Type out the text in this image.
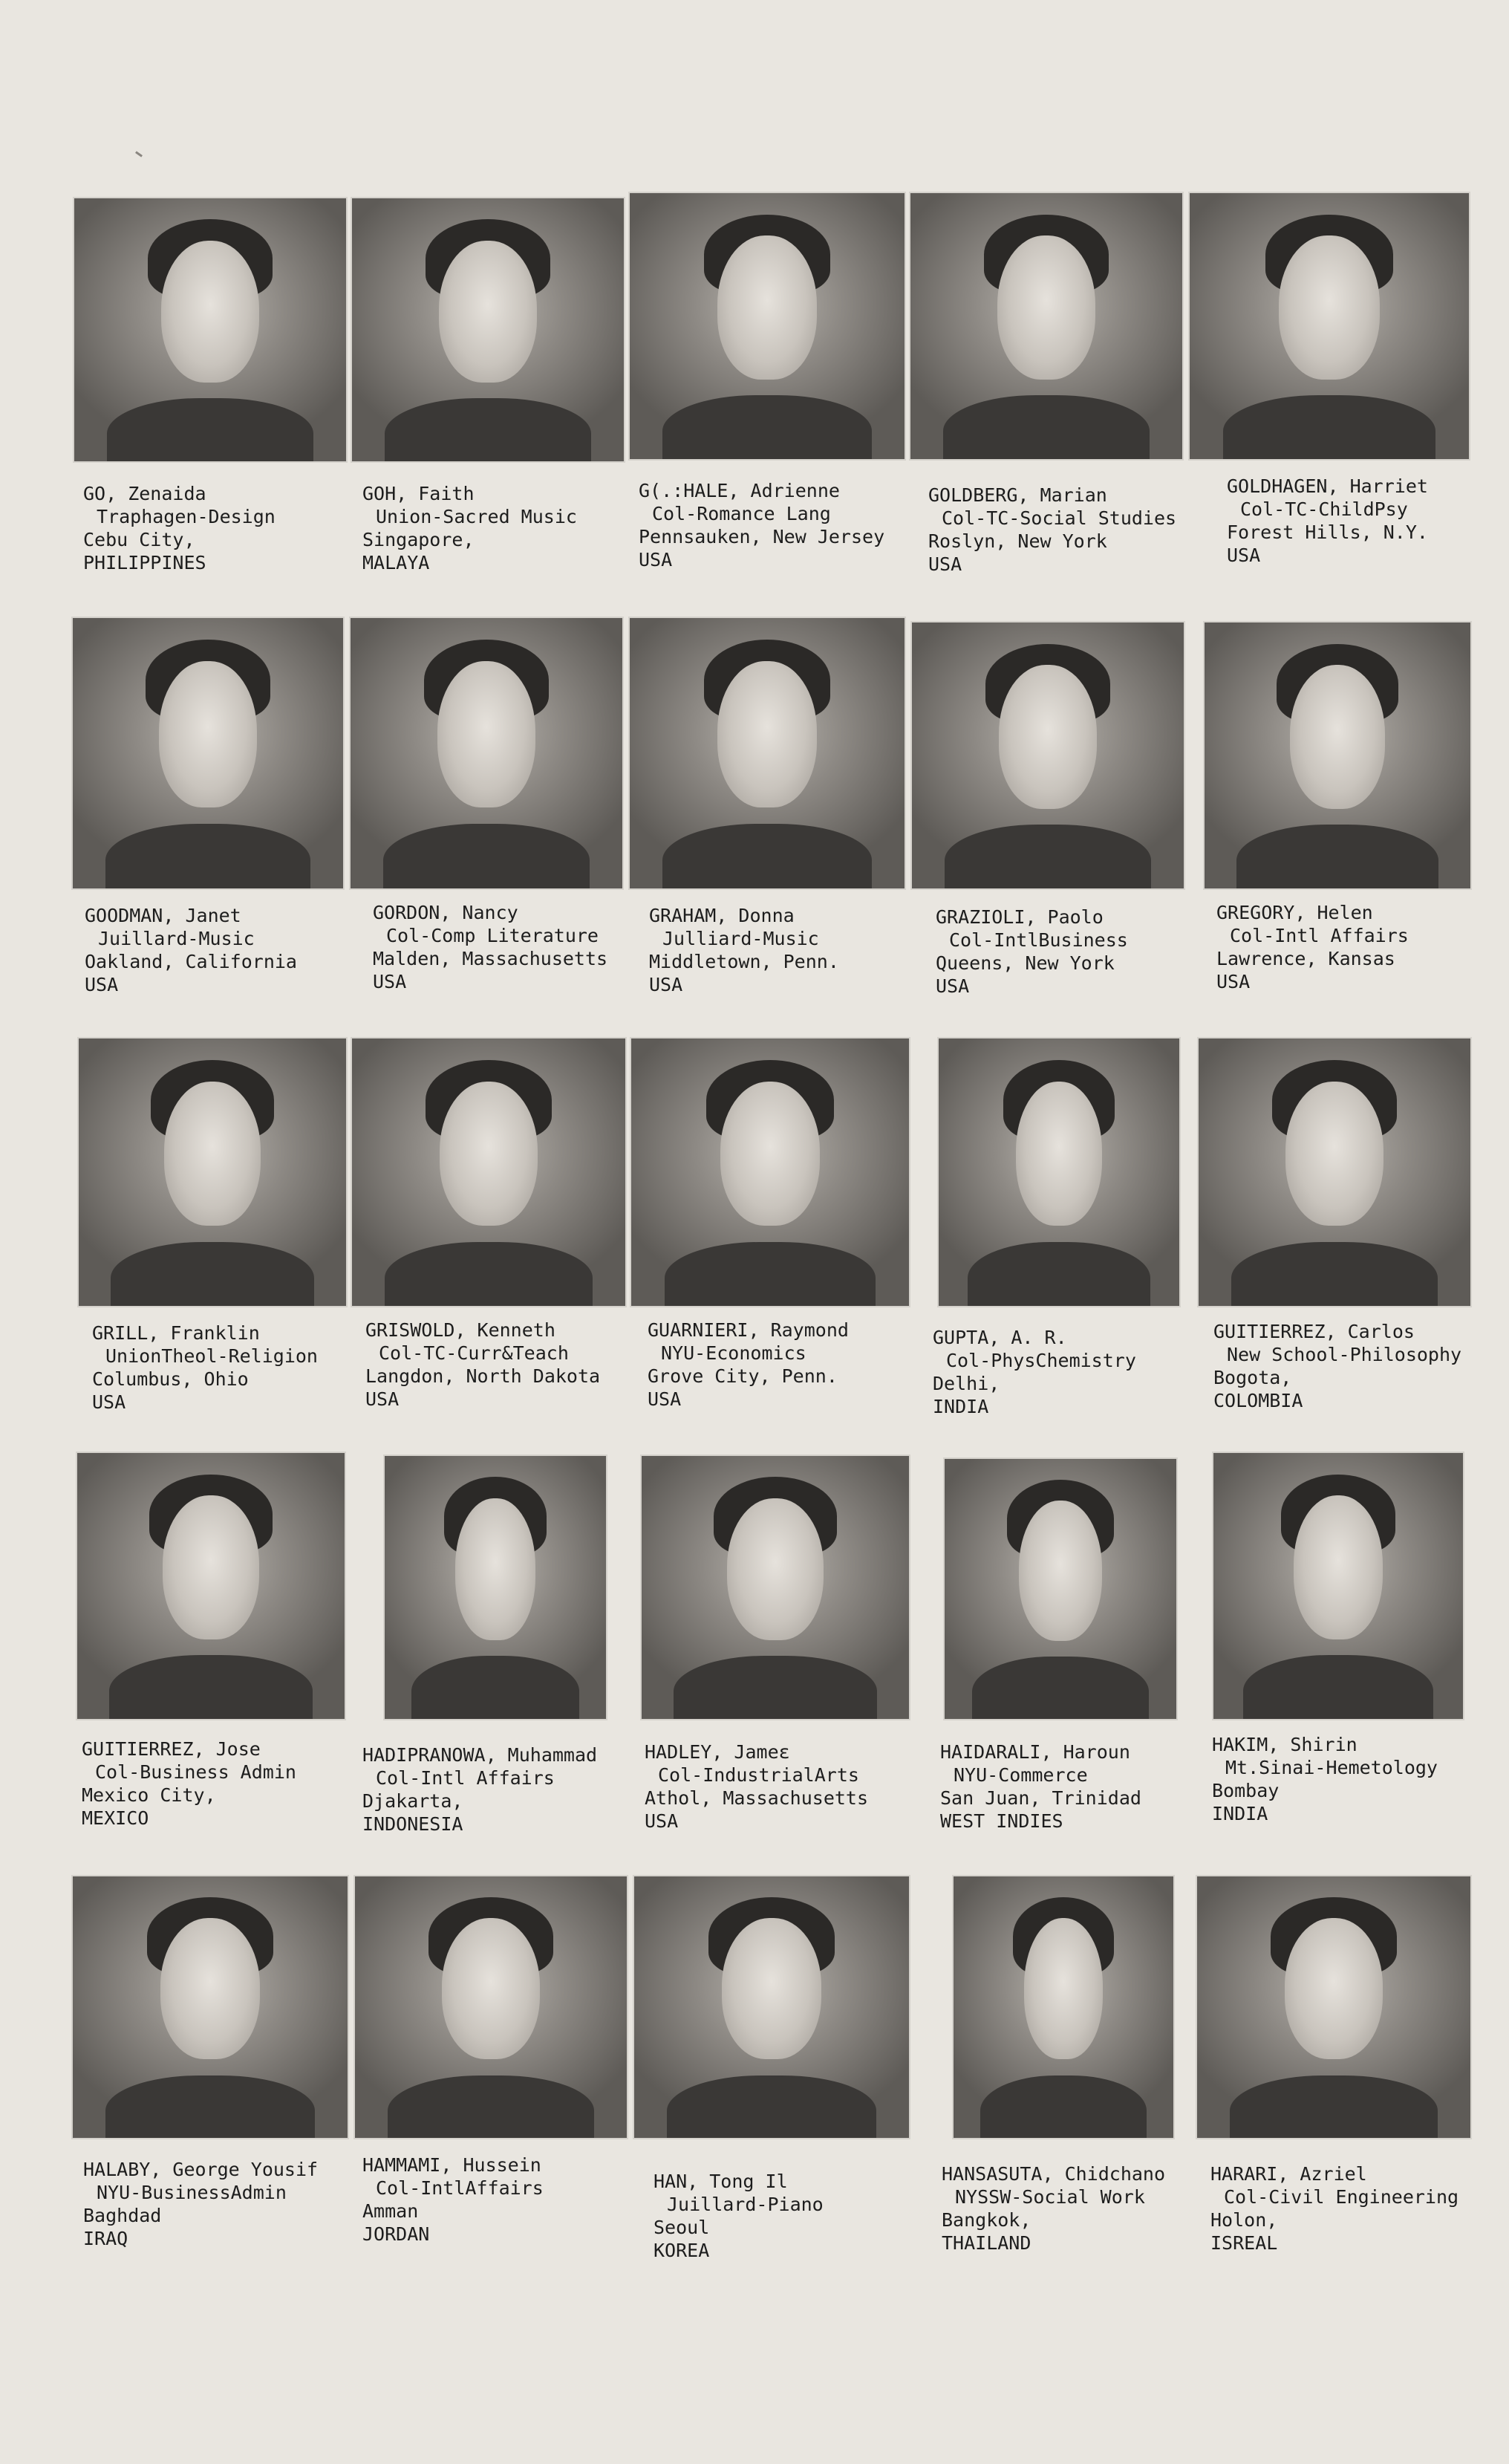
GO, Zenaida
Traphagen-Design
Cebu City,
PHILIPPINES
GOH, Faith
Union-Sacred Music
Singapore,
MALAYA
G(.:HALE, Adrienne
Col-Romance Lang
Pennsauken, New Jersey
USA
GOLDBERG, Marian
Col-TC-Social Studies
Roslyn, New York
USA
GOLDHAGEN, Harriet
Col-TC-ChildPsy
Forest Hills, N.Y.
USA
GOODMAN, Janet
Juillard-Music
Oakland, California
USA
GORDON, Nancy
Col-Comp Literature
Malden, Massachusetts
USA
GRAHAM, Donna
Julliard-Music
Middletown, Penn.
USA
GRAZIOLI, Paolo
Col-IntlBusiness
Queens, New York
USA
GREGORY, Helen
Col-Intl Affairs
Lawrence, Kansas
USA
GRILL, Franklin
UnionTheol-Religion
Columbus, Ohio
USA
GRISWOLD, Kenneth
Col-TC-Curr&Teach
Langdon, North Dakota
USA
GUARNIERI, Raymond
NYU-Economics
Grove City, Penn.
USA
GUPTA, A. R.
Col-PhysChemistry
Delhi,
INDIA
GUITIERREZ, Carlos
New School-Philosophy
Bogota,
COLOMBIA
GUITIERREZ, Jose
Col-Business Admin
Mexico City,
MEXICO
HADIPRANOWA, Muhammad
Col-Intl Affairs
Djakarta,
INDONESIA
HADLEY, Jameɛ
Col-IndustrialArts
Athol, Massachusetts
USA
HAIDARALI, Haroun
NYU-Commerce
San Juan, Trinidad
WEST INDIES
HAKIM, Shirin
Mt.Sinai-Hemetology
Bombay
INDIA
HALABY, George Yousif
NYU-BusinessAdmin
Baghdad
IRAQ
HAMMAMI, Hussein
Col-IntlAffairs
Amman
JORDAN
HAN, Tong Il
Juillard-Piano
Seoul
KOREA
HANSASUTA, Chidchano
NYSSW-Social Work
Bangkok,
THAILAND
HARARI, Azriel
Col-Civil Engineering
Holon,
ISREAL
